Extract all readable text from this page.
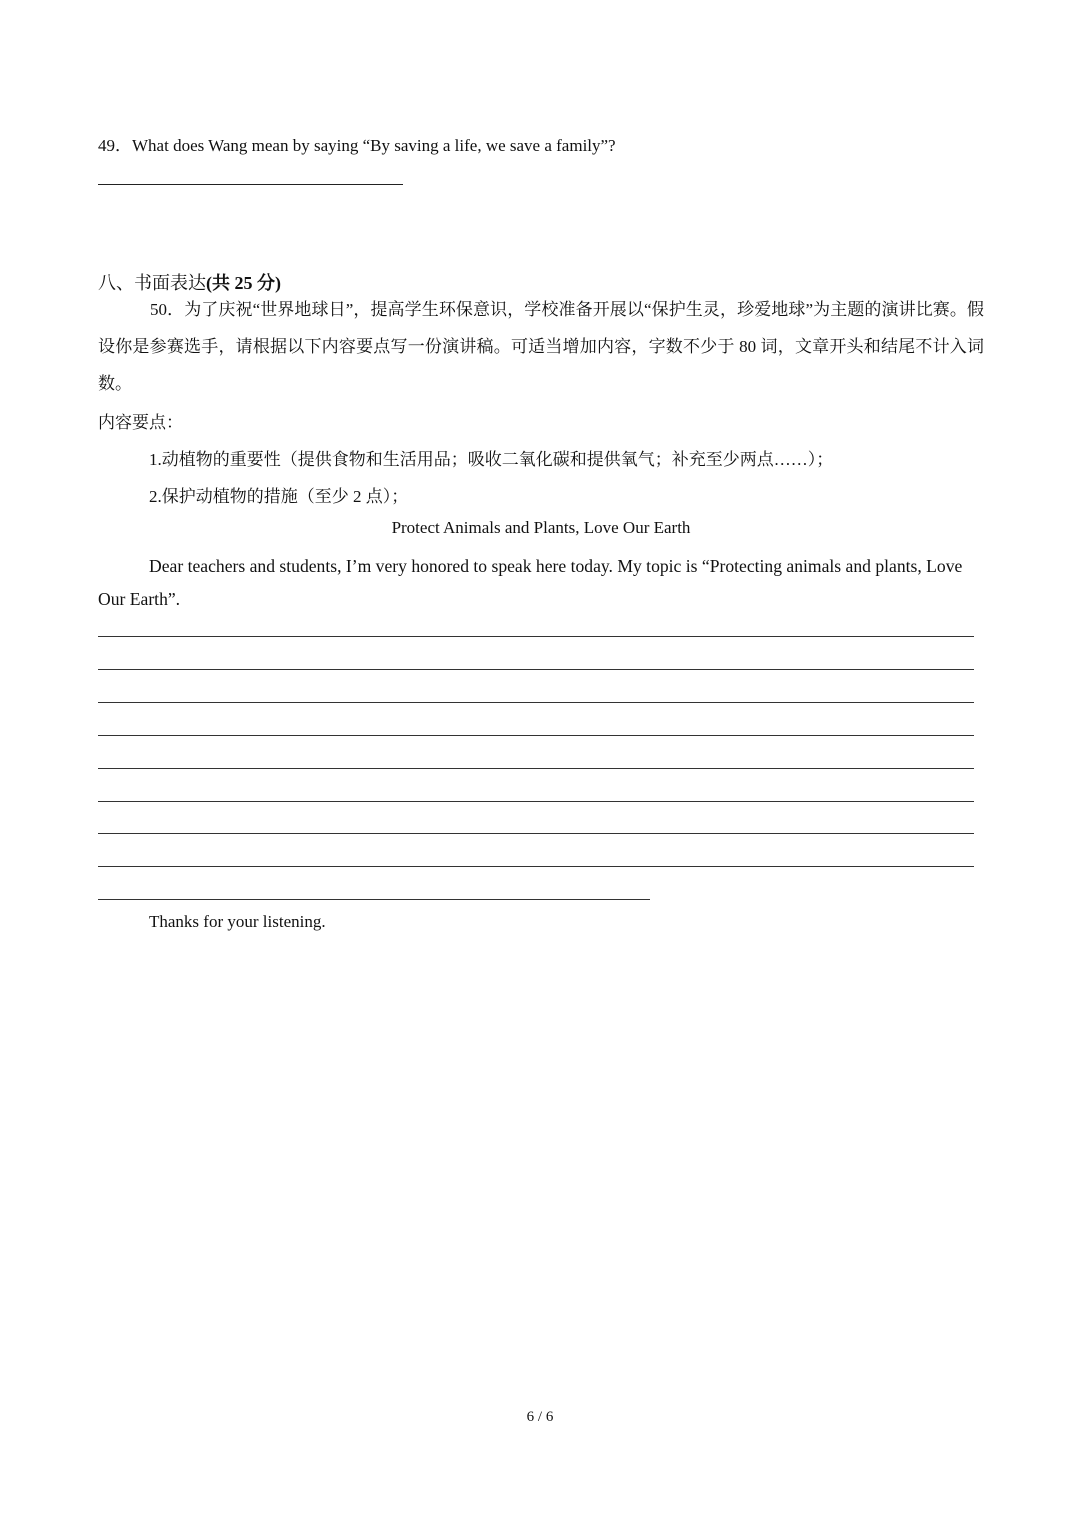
49．What does Wang mean by saying “By saving a life, we save a family”?
八、书面表达(共 25 分)
50．为了庆祝“世界地球日”，提高学生环保意识，学校准备开展以“保护生灵，珍爱地球”为主题的演讲比赛。假设你是参赛选手，请根据以下内容要点写一份演讲稿。可适当增加内容，字数不少于 80 词，文章开头和结尾不计入词数。
内容要点：
1.动植物的重要性（提供食物和生活用品；吸收二氧化碳和提供氧气；补充至少两点……）；
2.保护动植物的措施（至少 2 点）；
Protect Animals and Plants, Love Our Earth
Dear teachers and students, I’m very honored to speak here today. My topic is “Protecting animals and plants, Love Our Earth”.
Thanks for your listening.
6 / 6
